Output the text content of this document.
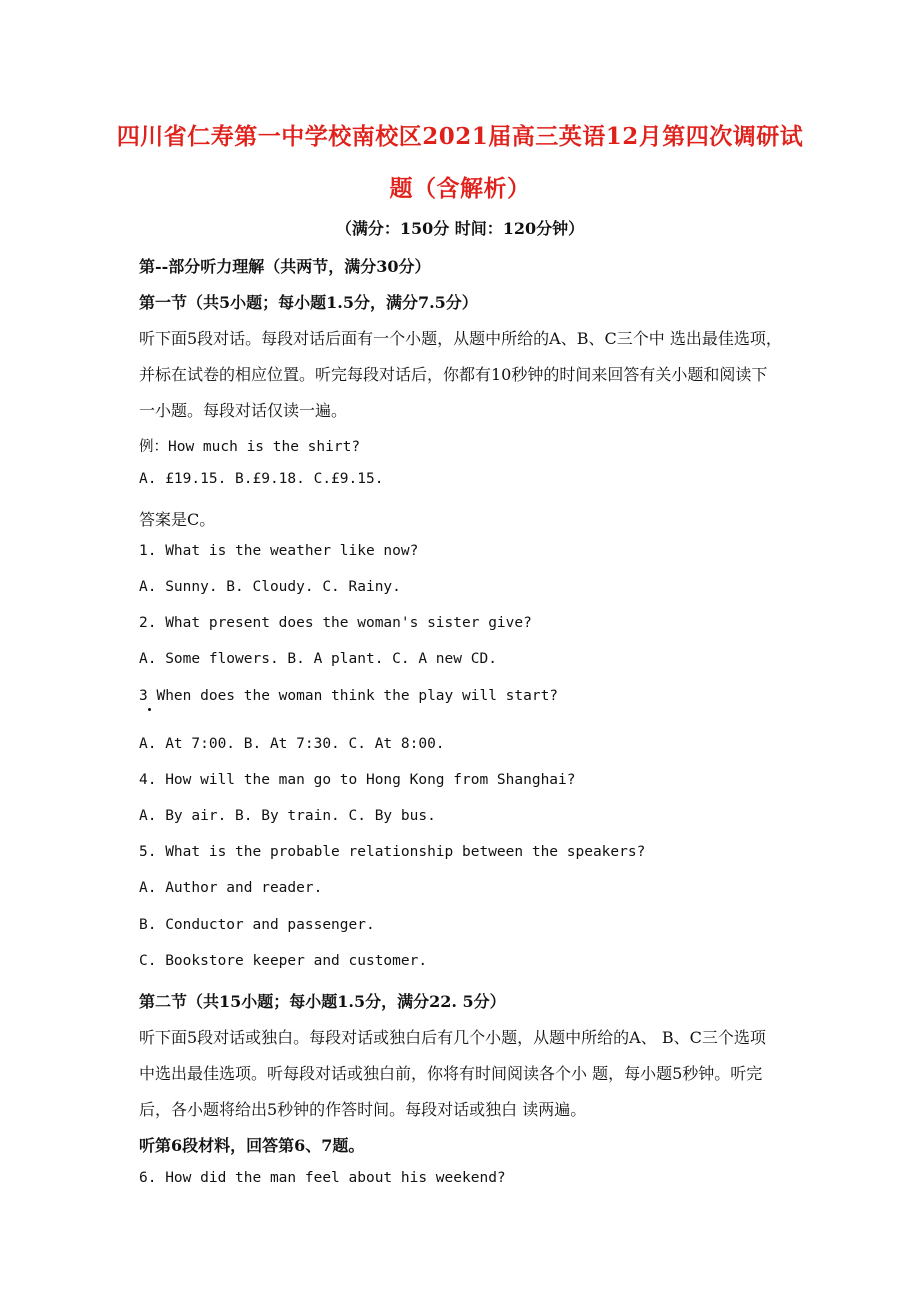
四川省仁寿第一中学校南校区2021届高三英语12月第四次调研试
题（含解析）
（满分：150分 时间：120分钟）
第--部分听力理解（共两节，满分30分）
第一节（共5小题；每小题1.5分，满分7.5分）
听下面5段对话。每段对话后面有一个小题，从题中所给的A、B、C三个中 选出最佳选项，
并标在试卷的相应位置。听完每段对话后，你都有10秒钟的时间来回答有关小题和阅读下
一小题。每段对话仅读一遍。
例：How much is the shirt?
A. £19.15. B.£9.18. C.£9.15.
答案是C。
1. What is the weather like now?
A. Sunny. B. Cloudy. C. Rainy.
2. What present does the woman's sister give?
A. Some flowers. B. A plant. C. A new CD.
3 When does the woman think the play will start?
A. At 7:00. B. At 7:30. C. At 8:00.
4. How will the man go to Hong Kong from Shanghai?
A. By air. B. By train. C. By bus.
5. What is the probable relationship between the speakers?
A. Author and reader.
B. Conductor and passenger.
C. Bookstore keeper and customer.
第二节（共15小题；每小题1.5分，满分22. 5分）
听下面5段对话或独白。每段对话或独白后有几个小题，从题中所给的A、 B、C三个选项
中选出最佳选项。听每段对话或独白前，你将有时间阅读各个小 题，每小题5秒钟。听完
后，各小题将给出5秒钟的作答时间。每段对话或独白 读两遍。
听第6段材料，回答第6、7题。
6. How did the man feel about his weekend?
